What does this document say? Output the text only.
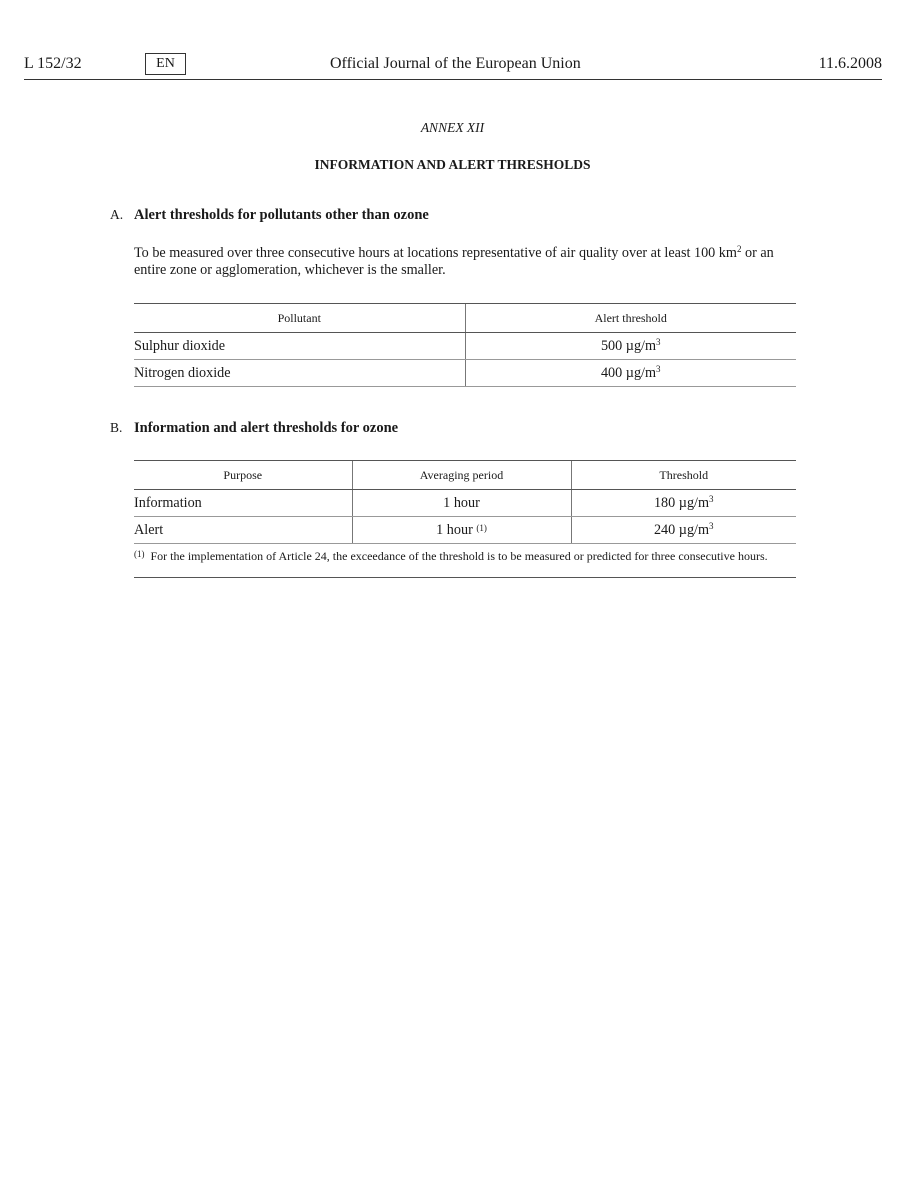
L 152/32	EN	Official Journal of the European Union	11.6.2008
ANNEX XII
INFORMATION AND ALERT THRESHOLDS
A. Alert thresholds for pollutants other than ozone
To be measured over three consecutive hours at locations representative of air quality over at least 100 $km^2$ or an entire zone or agglomeration, whichever is the smaller.
Pollutant	Alert threshold
Sulphur dioxide	500 $\mu g/m^3$
Nitrogen dioxide	400 $\mu g/m^3$
B. Information and alert thresholds for ozone
Purpose	Averaging period	Threshold
Information	1 hour	180 $\mu g/m^3$
Alert	1 hour $^{(1)}$	240 $\mu g/m^3$
$^{(1)}$ For the implementation of Article 24, the exceedance of the threshold is to be measured or predicted for three consecutive hours.		
